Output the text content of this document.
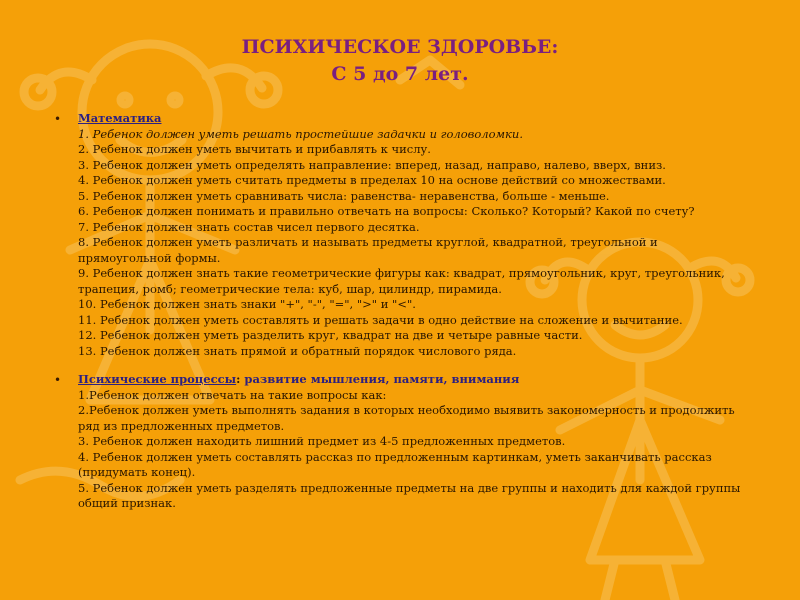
ПСИХИЧЕСКОЕ ЗДОРОВЬЕ:
С 5 до 7 лет.
• Математика
1. Ребенок должен уметь решать простейшие задачки и головоломки.
2. Ребенок должен уметь вычитать и прибавлять к числу.
3. Ребенок должен уметь определять направление: вперед, назад, направо, налево, вверх, вниз.
4. Ребенок должен уметь считать предметы в пределах 10 на основе действий со множествами.
5. Ребенок должен уметь сравнивать числа: равенства- неравенства, больше - меньше.
6. Ребенок должен понимать и правильно отвечать на вопросы: Сколько? Который? Какой по счету?
7. Ребенок должен знать состав чисел первого десятка.
8. Ребенок должен уметь различать и называть предметы круглой, квадратной, треугольной и
прямоугольной формы.
9. Ребенок должен знать такие геометрические фигуры как: квадрат, прямоугольник, круг, треугольник,
трапеция, ромб; геометрические тела: куб, шар, цилиндр, пирамида.
10. Ребенок должен знать знаки "+", "-", "=", ">" и "<".
11. Ребенок должен уметь составлять и решать задачи в одно действие на сложение и вычитание.
12. Ребенок должен уметь разделить круг, квадрат на две и четыре равные части.
13. Ребенок должен знать прямой и обратный порядок числового ряда.
• Психические процессы: развитие мышления, памяти, внимания
1.Ребенок должен отвечать на такие вопросы как:
2.Ребенок должен уметь выполнять задания в которых необходимо выявить закономерность и продолжить
ряд из предложенных предметов.
3. Ребенок должен находить лишний предмет из 4-5 предложенных предметов.
4. Ребенок должен уметь составлять рассказ по предложенным картинкам, уметь заканчивать рассказ
(придумать конец).
5. Ребенок должен уметь разделять предложенные предметы на две группы и находить для каждой группы
общий признак.
